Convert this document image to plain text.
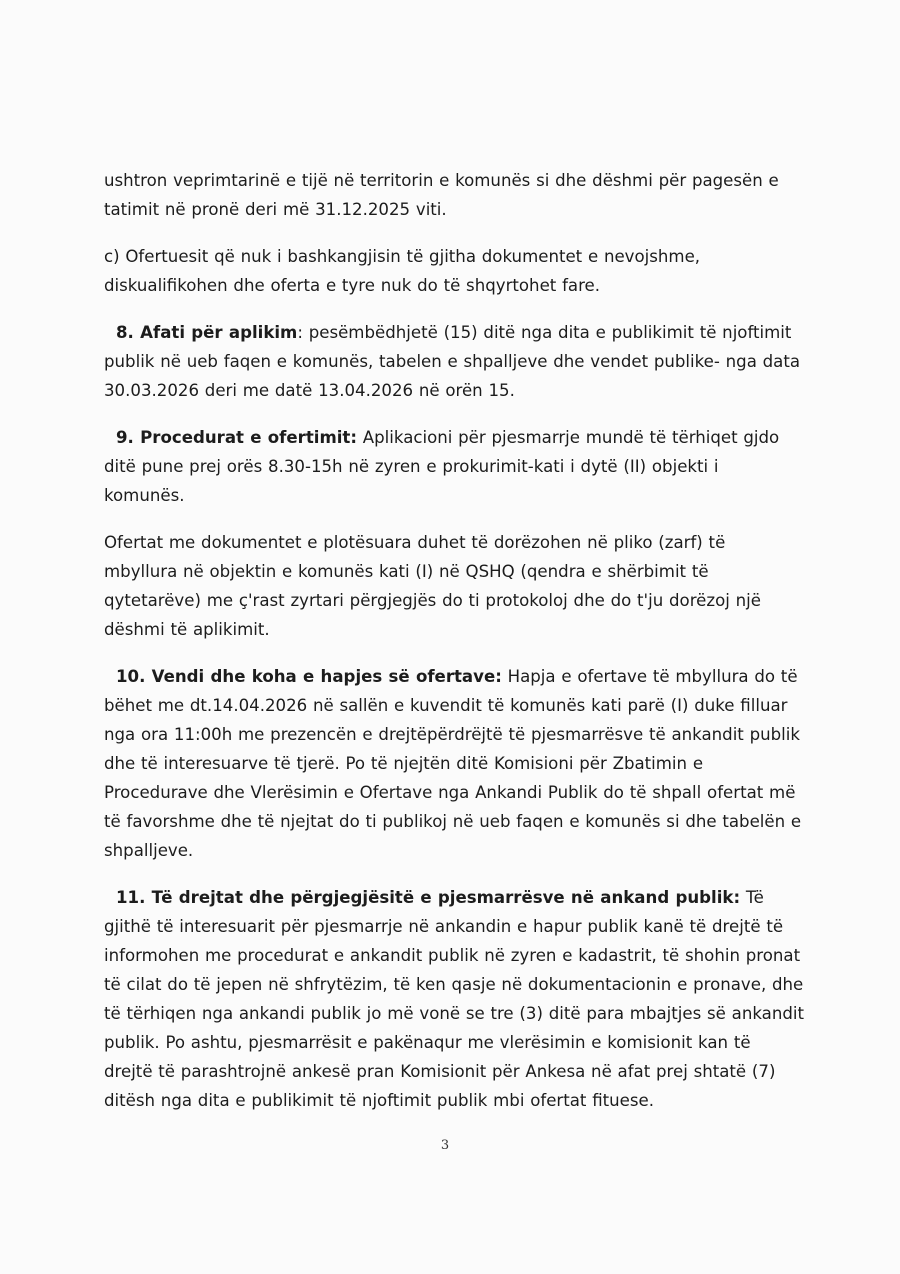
ushtron veprimtarinë e tijë në territorin e komunës si dhe dëshmi për pagesën e tatimit në pronë deri më 31.12.2025 viti.

c) Ofertuesit që nuk i bashkangjisin të gjitha dokumentet e nevojshme, diskualifikohen dhe oferta e tyre nuk do të shqyrtohet fare.

8. Afati për aplikim: pesëmbëdhjetë (15) ditë nga dita e publikimit të njoftimit publik në ueb faqen e komunës, tabelen e shpalljeve dhe vendet publike- nga data 30.03.2026 deri me datë 13.04.2026 në orën 15.

9. Procedurat e ofertimit: Aplikacioni për pjesmarrje mundë të tërhiqet gjdo ditë pune prej orës 8.30-15h në zyren e prokurimit-kati i dytë (II) objekti i komunës.

Ofertat me dokumentet e plotësuara duhet të dorëzohen në pliko (zarf) të mbyllura në objektin e komunës kati (I) në QSHQ (qendra e shërbimit të qytetarëve) me ç'rast zyrtari përgjegjës do ti protokoloj dhe do t'ju dorëzoj një dëshmi të aplikimit.

10. Vendi dhe koha e hapjes së ofertave: Hapja e ofertave të mbyllura do të bëhet me dt.14.04.2026 në sallën e kuvendit të komunës kati parë (I) duke filluar nga ora 11:00h me prezencën e drejtëpërdrëjtë të pjesmarrësve të ankandit publik dhe të interesuarve të tjerë. Po të njejtën ditë Komisioni për Zbatimin e Procedurave dhe Vlerësimin e Ofertave nga Ankandi Publik do të shpall ofertat më të favorshme dhe të njejtat do ti publikoj në ueb faqen e komunës si dhe tabelën e shpalljeve.

11. Të drejtat dhe përgjegjësitë e pjesmarrësve në ankand publik: Të gjithë të interesuarit për pjesmarrje në ankandin e hapur publik kanë të drejtë të informohen me procedurat e ankandit publik në zyren e kadastrit, të shohin pronat të cilat do të jepen në shfrytëzim, të ken qasje në dokumentacionin e pronave, dhe të tërhiqen nga ankandi publik jo më vonë se tre (3) ditë para mbajtjes së ankandit publik. Po ashtu, pjesmarrësit e pakënaqur me vlerësimin e komisionit kan të drejtë të parashtrojnë ankesë pran Komisionit për Ankesa në afat prej shtatë (7) ditësh nga dita e publikimit të njoftimit publik mbi ofertat fituese.

3
